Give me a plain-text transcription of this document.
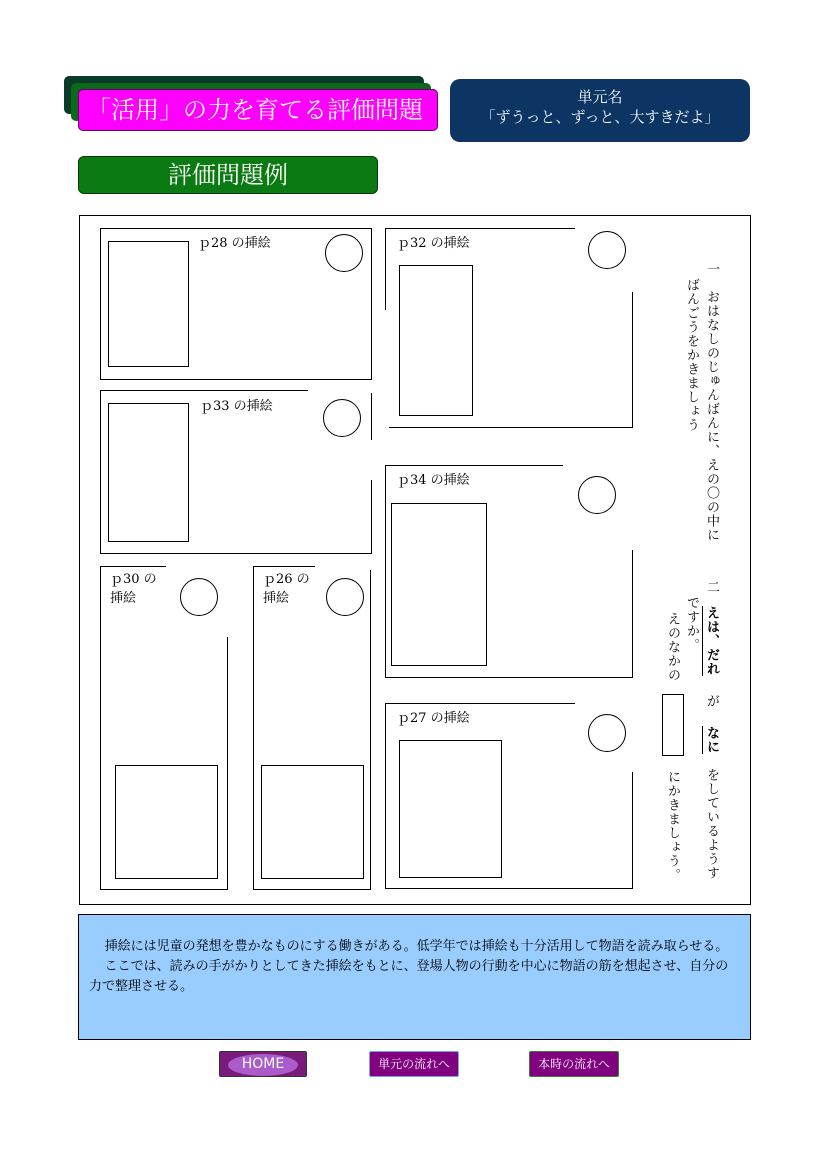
「活用」の力を育てる評価問題	単元名
「ずうっと、ずっと、大すきだよ」
評価問題例
ｐ28 の挿絵	ｐ32 の挿絵
ｐ33 の挿絵
ｐ34 の挿絵
ｐ30 の
挿絵
ｐ26 の
挿絵
ｐ27 の挿絵
一おはなしのじゅんばんに、えの〇の中に
ばんごうをかきましょう
二えは、だれがなにをしているようす
ですか。
えのなかの
にかきましょう。

挿絵には児童の発想を豊かなものにする働きがある。低学年では挿絵も十分活用して物語を読み取らせる。

ここでは、読みの手がかりとしてきた挿絵をもとに、登場人物の行動を中心に物語の筋を想起させ、自分の力で整理させる。

HOME	単元の流れへ	本時の流れへ
